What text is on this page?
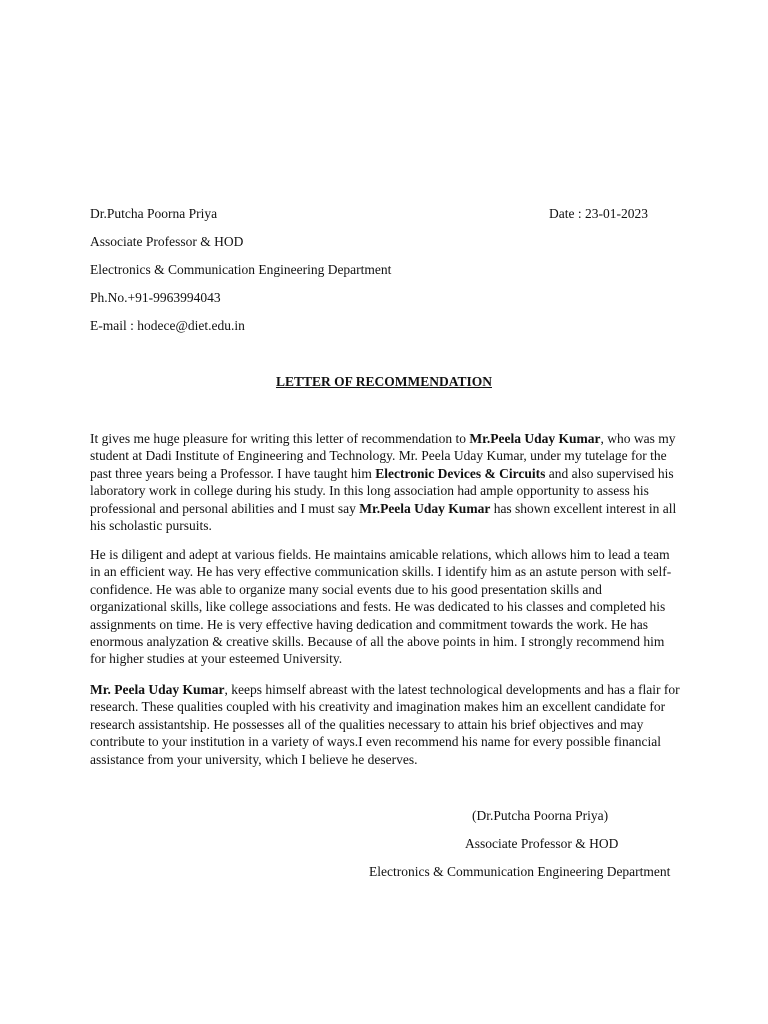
Dr.Putcha Poorna Priya	Date : 23-01-2023
Associate Professor & HOD
Electronics & Communication Engineering Department
Ph.No.+91-9963994043
E-mail : hodece@diet.edu.in
LETTER OF RECOMMENDATION

It gives me huge pleasure for writing this letter of recommendation to Mr.Peela Uday Kumar, who was my student at Dadi Institute of Engineering and Technology. Mr. Peela Uday Kumar, under my tutelage for the past three years being a Professor. I have taught him Electronic Devices & Circuits and also supervised his laboratory work in college during his study. In this long association had ample opportunity to assess his professional and personal abilities and I must say Mr.Peela Uday Kumar has shown excellent interest in all his scholastic pursuits.

He is diligent and adept at various fields. He maintains amicable relations, which allows him to lead a team in an efficient way. He has very effective communication skills. I identify him as an astute person with self-confidence. He was able to organize many social events due to his good presentation skills and organizational skills, like college associations and fests. He was dedicated to his classes and completed his assignments on time. He is very effective having dedication and commitment towards the work. He has enormous analyzation & creative skills. Because of all the above points in him. I strongly recommend him for higher studies at your esteemed University.

Mr. Peela Uday Kumar, keeps himself abreast with the latest technological developments and has a flair for research. These qualities coupled with his creativity and imagination makes him an excellent candidate for research assistantship. He possesses all of the qualities necessary to attain his brief objectives and may contribute to your institution in a variety of ways.I even recommend his name for every possible financial assistance from your university, which I believe he deserves.

(Dr.Putcha Poorna Priya)
Associate Professor & HOD
Electronics & Communication Engineering Department
